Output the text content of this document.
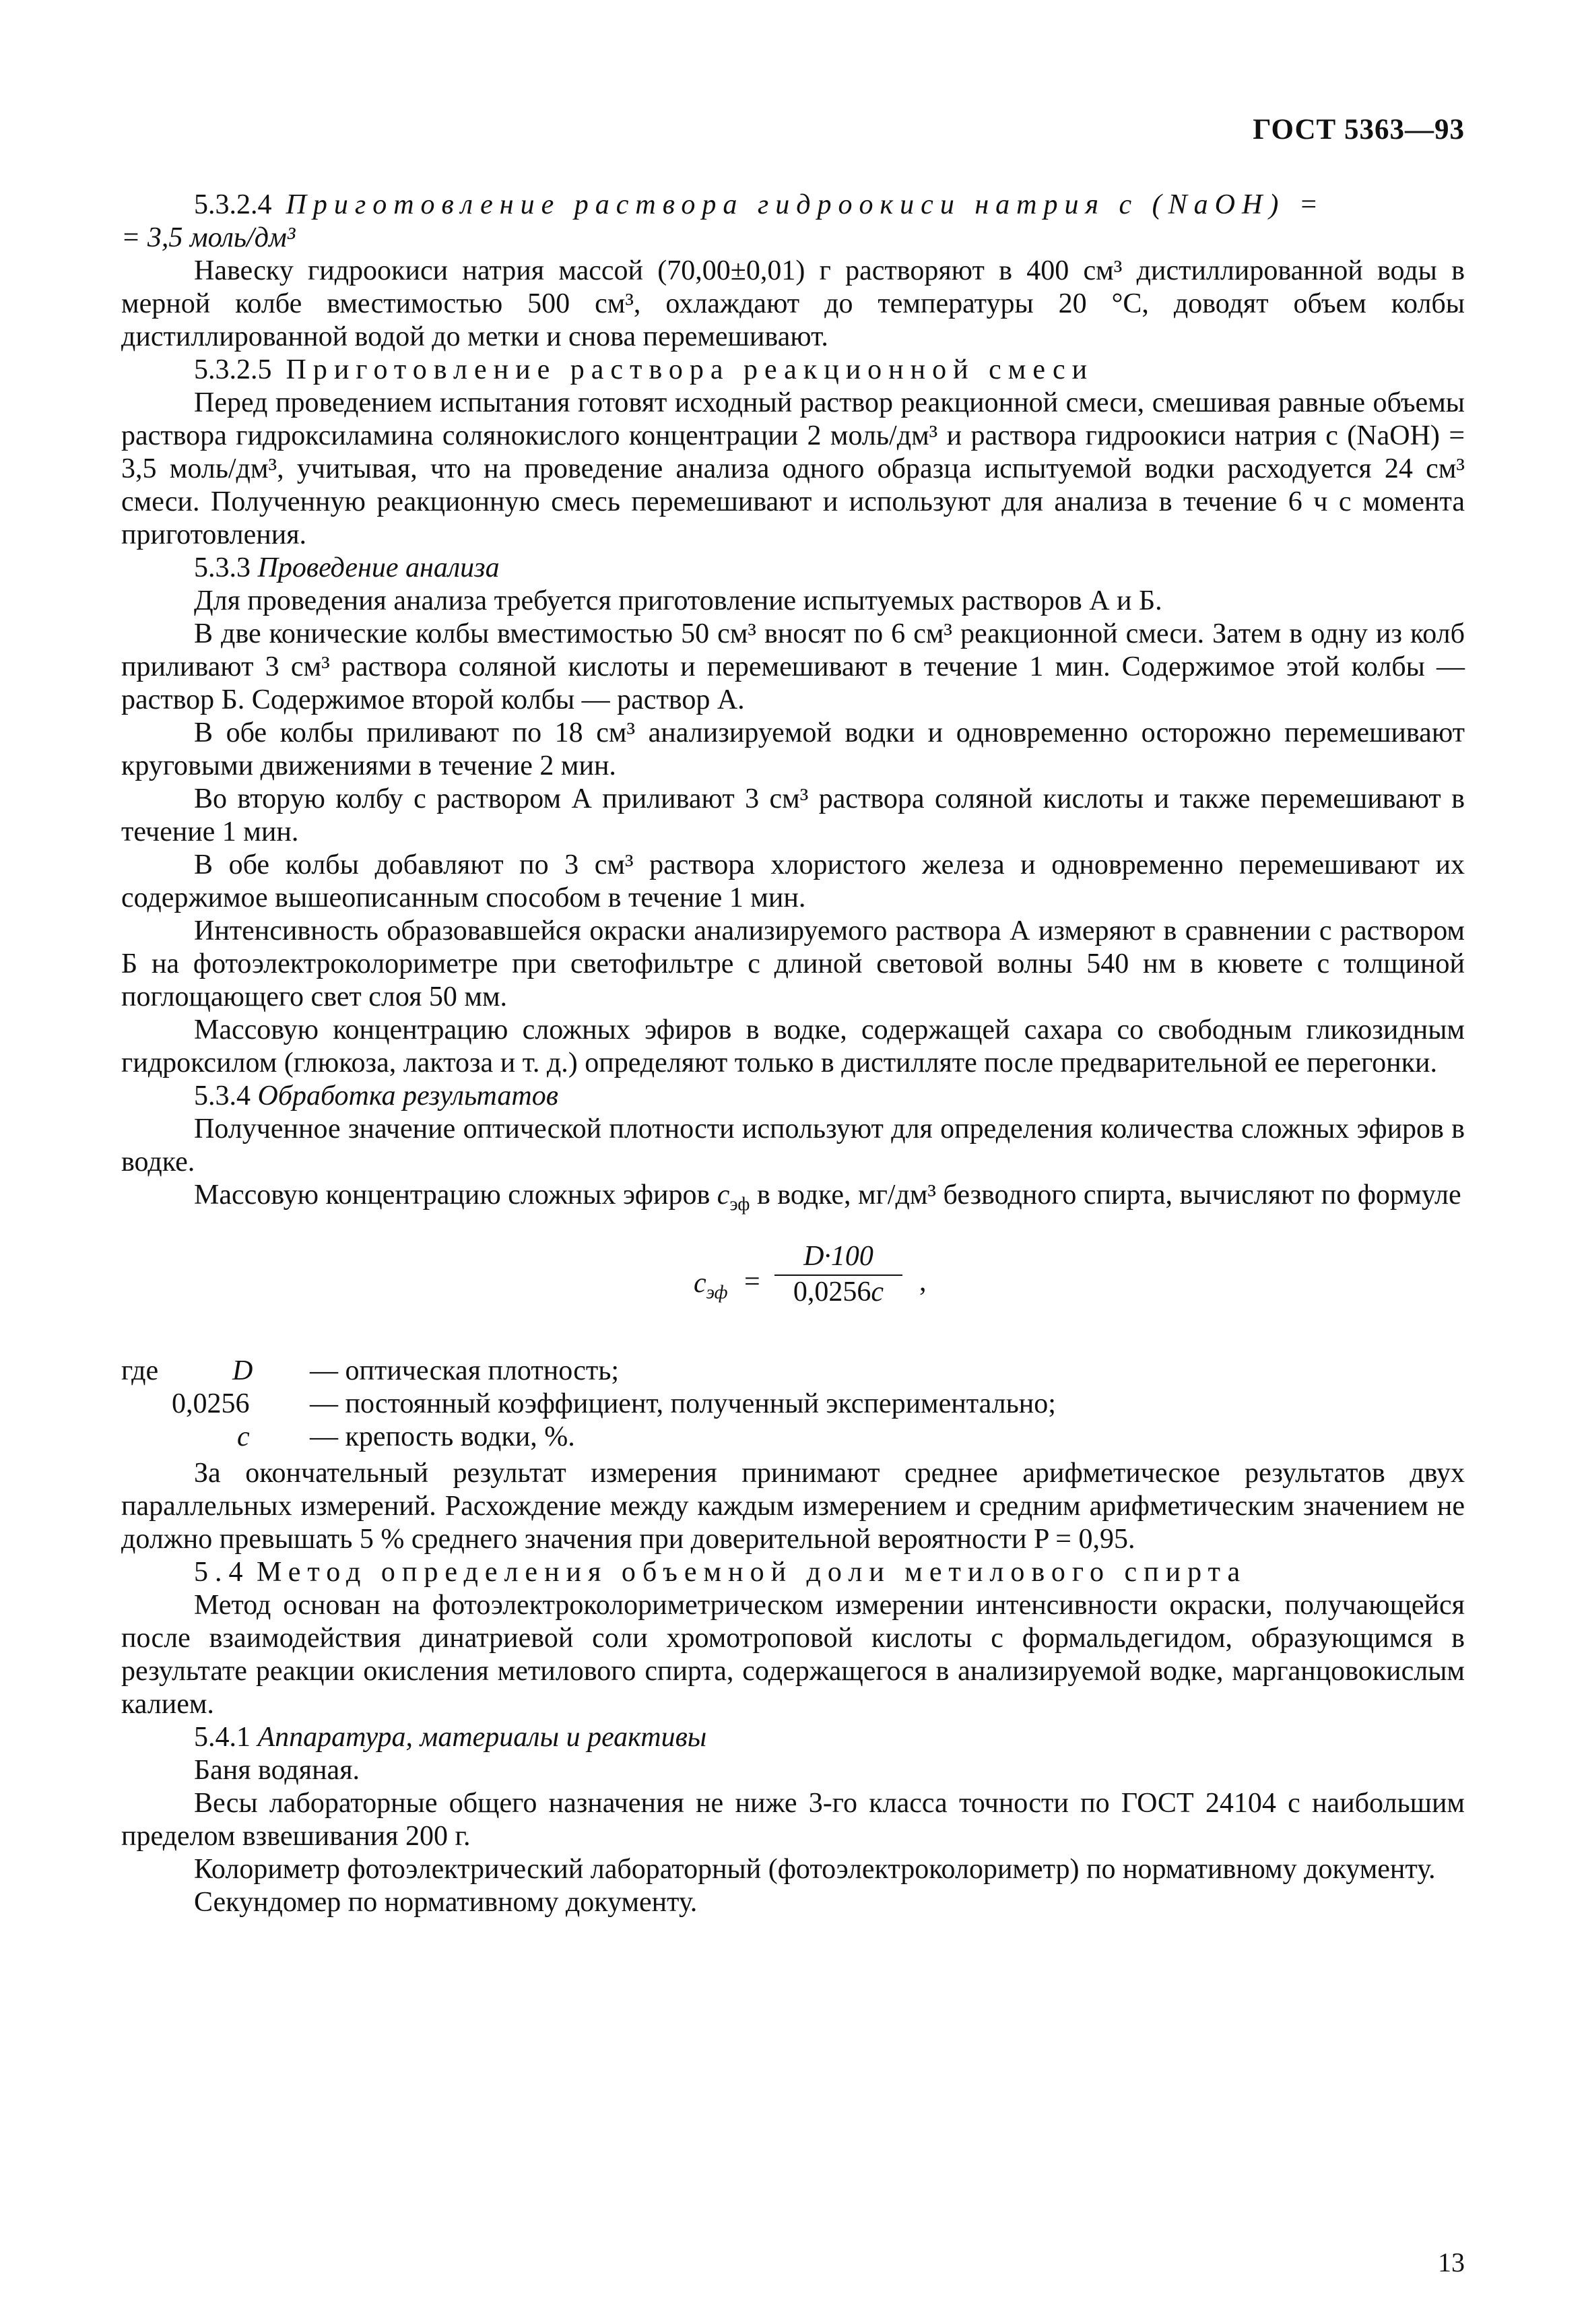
ГОСТ 5363—93

5.3.2.4 Приготовление раствора гидроокиси натрия c (NaOH) =

= 3,5 моль/дм³

Навеску гидроокиси натрия массой (70,00±0,01) г растворяют в 400 см³ дистиллированной воды в мерной колбе вместимостью 500 см³, охлаждают до температуры 20 °С, доводят объем колбы дистиллированной водой до метки и снова перемешивают.

5.3.2.5 Приготовление раствора реакционной смеси

Перед проведением испытания готовят исходный раствор реакционной смеси, смешивая равные объемы раствора гидроксиламина солянокислого концентрации 2 моль/дм³ и раствора гидроокиси натрия c (NaOH) = 3,5 моль/дм³, учитывая, что на проведение анализа одного образца испытуемой водки расходуется 24 см³ смеси. Полученную реакционную смесь перемешивают и используют для анализа в течение 6 ч с момента приготовления.

5.3.3 Проведение анализа

Для проведения анализа требуется приготовление испытуемых растворов А и Б.

В две конические колбы вместимостью 50 см³ вносят по 6 см³ реакционной смеси. Затем в одну из колб приливают 3 см³ раствора соляной кислоты и перемешивают в течение 1 мин. Содержимое этой колбы — раствор Б. Содержимое второй колбы — раствор А.

В обе колбы приливают по 18 см³ анализируемой водки и одновременно осторожно перемешивают круговыми движениями в течение 2 мин.

Во вторую колбу с раствором А приливают 3 см³ раствора соляной кислоты и также перемешивают в течение 1 мин.

В обе колбы добавляют по 3 см³ раствора хлористого железа и одновременно перемешивают их содержимое вышеописанным способом в течение 1 мин.

Интенсивность образовавшейся окраски анализируемого раствора А измеряют в сравнении с раствором Б на фотоэлектроколориметре при светофильтре с длиной световой волны 540 нм в кювете с толщиной поглощающего свет слоя 50 мм.

Массовую концентрацию сложных эфиров в водке, содержащей сахара со свободным гликозидным гидроксилом (глюкоза, лактоза и т. д.) определяют только в дистилляте после предварительной ее перегонки.

5.3.4 Обработка результатов

Полученное значение оптической плотности используют для определения количества сложных эфиров в водке.

Массовую концентрацию сложных эфиров $c_{эф}$ в водке, мг/дм³ безводного спирта, вычисляют по формуле

$c_{эф} = \frac{D\cdot 100}{0,0256c}$ ,
где	D — оптическая плотность;
0,0256 — постоянный коэффициент, полученный экспериментально;
c — крепость водки, %.

За окончательный результат измерения принимают среднее арифметическое результатов двух параллельных измерений. Расхождение между каждым измерением и средним арифметическим значением не должно превышать 5 % среднего значения при доверительной вероятности P = 0,95.

5.4 Метод определения объемной доли метилового спирта

Метод основан на фотоэлектроколориметрическом измерении интенсивности окраски, получающейся после взаимодействия динатриевой соли хромотроповой кислоты с формальдегидом, образующимся в результате реакции окисления метилового спирта, содержащегося в анализируемой водке, марганцовокислым калием.

5.4.1 Аппаратура, материалы и реактивы

Баня водяная.

Весы лабораторные общего назначения не ниже 3-го класса точности по ГОСТ 24104 с наибольшим пределом взвешивания 200 г.

Колориметр фотоэлектрический лабораторный (фотоэлектроколориметр) по нормативному документу.

Секундомер по нормативному документу.

13
